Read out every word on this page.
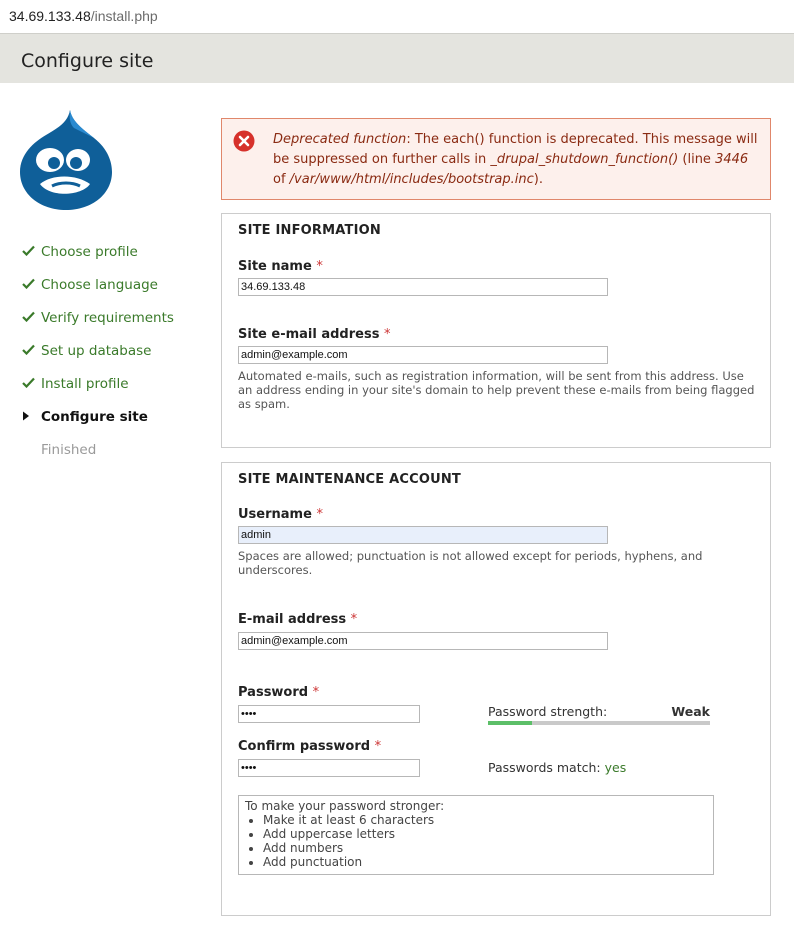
34.69.133.48/install.php
Configure site
Choose profile
Choose language
Verify requirements
Set up database
Install profile
Configure site
Finished
Deprecated function: The each() function is deprecated. This message will be suppressed on further calls in _drupal_shutdown_function() (line 3446 of /var/www/html/includes/bootstrap.inc).
SITE INFORMATION
Site name *
34.69.133.48
Site e-mail address *
admin@example.com
Automated e-mails, such as registration information, will be sent from this address. Use an address ending in your site's domain to help prevent these e-mails from being flagged as spam.
SITE MAINTENANCE ACCOUNT
Username *
admin
Spaces are allowed; punctuation is not allowed except for periods, hyphens, and underscores.
E-mail address *
admin@example.com
Password *
••••	Password strength:	Weak
Confirm password *
••••	Passwords match: yes
To make your password stronger:
• Make it at least 6 characters
• Add uppercase letters
• Add numbers
• Add punctuation
